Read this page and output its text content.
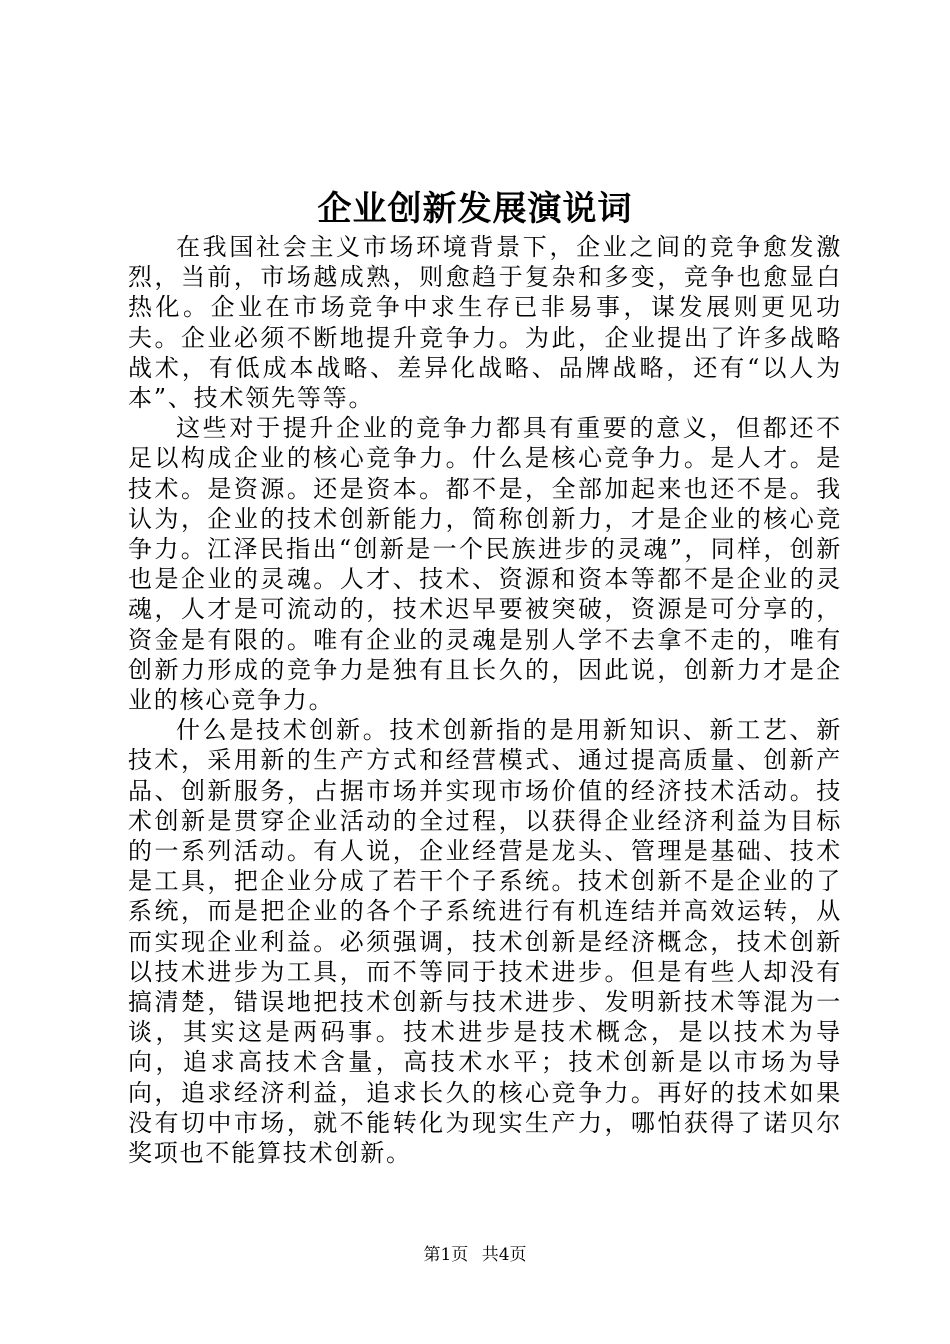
企业创新发展演说词

在我国社会主义市场环境背景下，企业之间的竞争愈发激烈，当前，市场越成熟，则愈趋于复杂和多变，竞争也愈显白热化。企业在市场竞争中求生存已非易事，谋发展则更见功夫。企业必须不断地提升竞争力。为此，企业提出了许多战略战术，有低成本战略、差异化战略、品牌战略，还有“以人为本”、技术领先等等。

这些对于提升企业的竞争力都具有重要的意义，但都还不足以构成企业的核心竞争力。什么是核心竞争力。是人才。是技术。是资源。还是资本。都不是，全部加起来也还不是。我认为，企业的技术创新能力，简称创新力，才是企业的核心竞争力。江泽民指出“创新是一个民族进步的灵魂”，同样，创新也是企业的灵魂。人才、技术、资源和资本等都不是企业的灵魂，人才是可流动的，技术迟早要被突破，资源是可分享的，资金是有限的。唯有企业的灵魂是别人学不去拿不走的，唯有创新力形成的竞争力是独有且长久的，因此说，创新力才是企业的核心竞争力。

什么是技术创新。技术创新指的是用新知识、新工艺、新技术，采用新的生产方式和经营模式、通过提高质量、创新产品、创新服务，占据市场并实现市场价值的经济技术活动。技术创新是贯穿企业活动的全过程，以获得企业经济利益为目标的一系列活动。有人说，企业经营是龙头、管理是基础、技术是工具，把企业分成了若干个子系统。技术创新不是企业的了系统，而是把企业的各个子系统进行有机连结并高效运转，从而实现企业利益。必须强调，技术创新是经济概念，技术创新以技术进步为工具，而不等同于技术进步。但是有些人却没有搞清楚，错误地把技术创新与技术进步、发明新技术等混为一谈，其实这是两码事。技术进步是技术概念，是以技术为导向，追求高技术含量，高技术水平；技术创新是以市场为导向，追求经济利益，追求长久的核心竞争力。再好的技术如果没有切中市场，就不能转化为现实生产力，哪怕获得了诺贝尔奖项也不能算技术创新。

第1页 共4页
